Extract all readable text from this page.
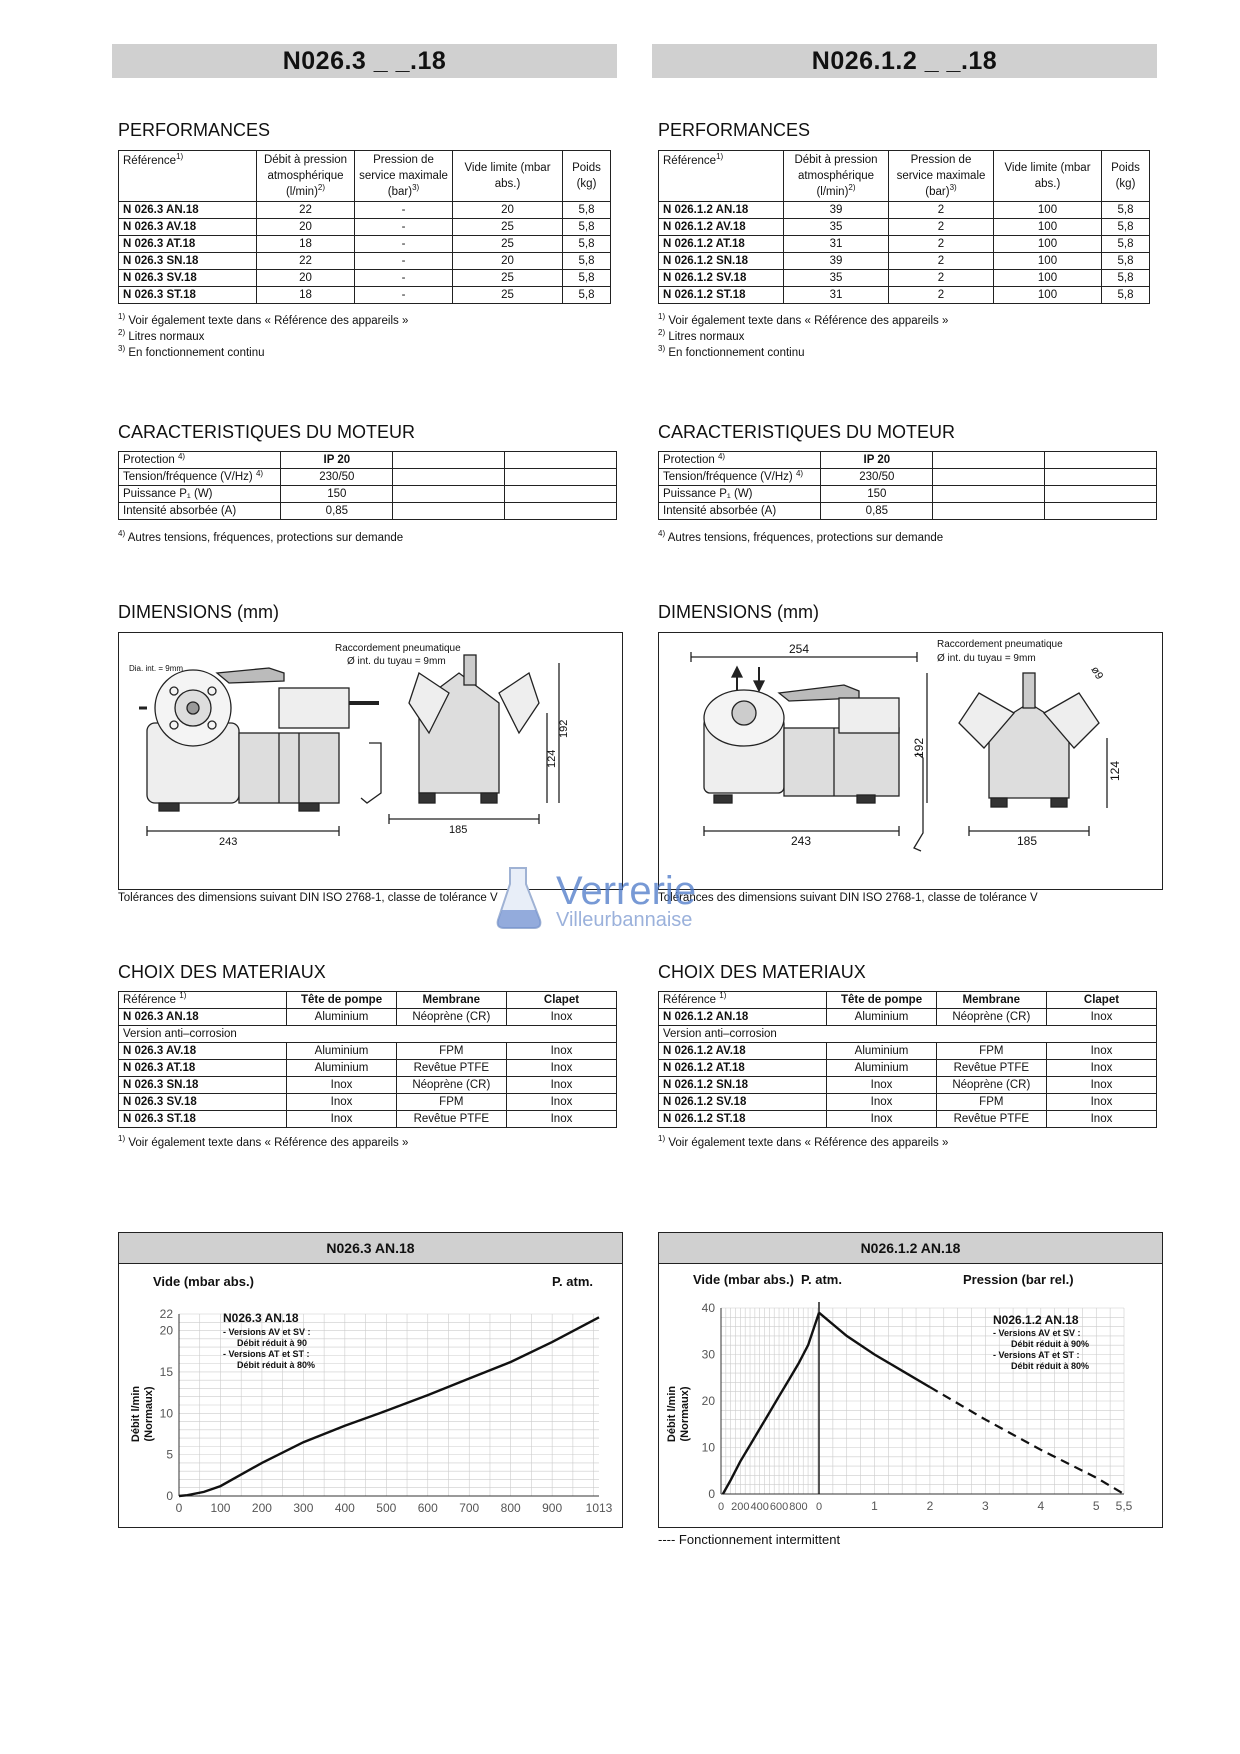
N026.3 _ _.18
PERFORMANCES
Référence$^{1)}$	Débit à pression atmosphérique $(l/\min)^{2)}$	Pression de service maximale (bar)$^{3)}$	Vide limite (mbar abs.)	Poids (kg)
N 026.3 AN.18	22	-	20	5,8
N 026.3 AV.18	20	-	25	5,8
N 026.3 AT.18	18	-	25	5,8
N 026.3 SN.18	22	-	20	5,8
N 026.3 SV.18	20	-	25	5,8
N 026.3 ST.18	18	-	25	5,8
$^{1)}$ Voir également texte dans « Référence des appareils »
$^{2)}$ Litres normaux
$^{3)}$ En fonctionnement continu
CARACTERISTIQUES DU MOTEUR
Protection $^{4)}$	IP 20		
Tension/fréquence (V/Hz) $^{4)}$	230/50		
Puissance P₁ (W)	150		
Intensité absorbée (A)	0,85		
$^{4)}$ Autres tensions, fréquences, protections sur demande
DIMENSIONS (mm)
243
185
192
124
Raccordement pneumatique
Ø int. du tuyau = 9mm
Dia. int. = 9mm
Tolérances des dimensions suivant DIN ISO 2768-1, classe de tolérance V
CHOIX DES MATERIAUX
Référence $^{1)}$	Tête de pompe	Membrane	Clapet
N 026.3 AN.18	Aluminium	Néoprène (CR)	Inox
Version anti–corrosion			
N 026.3 AV.18	Aluminium	FPM	Inox
N 026.3 AT.18	Aluminium	Revêtue PTFE	Inox
N 026.3 SN.18	Inox	Néoprène (CR)	Inox
N 026.3 SV.18	Inox	FPM	Inox
N 026.3 ST.18	Inox	Revêtue PTFE	Inox
$^{1)}$ Voir également texte dans « Référence des appareils »
N026.3 AN.18
0 100 200 300 400 500 600 700 800 900 1013
0
5
10
15
20
22
Vide (mbar abs.)	P. atm.
Débit l/min(Normaux)
N026.3 AN.18
- Versions AV et SV :
Débit réduit à 90
- Versions AT et ST :
Débit réduit à 80%
N026.1.2 _ _.18
PERFORMANCES
Référence$^{1)}$	Débit à pression atmosphérique $(l/\min)^{2)}$	Pression de service maximale (bar)$^{3)}$	Vide limite (mbar abs.)	Poids (kg)
N 026.1.2 AN.18	39	2	100	5,8
N 026.1.2 AV.18	35	2	100	5,8
N 026.1.2 AT.18	31	2	100	5,8
N 026.1.2 SN.18	39	2	100	5,8
N 026.1.2 SV.18	35	2	100	5,8
N 026.1.2 ST.18	31	2	100	5,8
$^{1)}$ Voir également texte dans « Référence des appareils »
$^{2)}$ Litres normaux
$^{3)}$ En fonctionnement continu
CARACTERISTIQUES DU MOTEUR
Protection $^{4)}$	IP 20		
Tension/fréquence (V/Hz) $^{4)}$	230/50		
Puissance P₁ (W)	150		
Intensité absorbée (A)	0,85		
$^{4)}$ Autres tensions, fréquences, protections sur demande
DIMENSIONS (mm)
254
243
192
185
124
ø9
Raccordement pneumatique
Ø int. du tuyau = 9mm
Tolérances des dimensions suivant DIN ISO 2768-1, classe de tolérance V
CHOIX DES MATERIAUX
Référence $^{1)}$	Tête de pompe	Membrane	Clapet
N 026.1.2 AN.18	Aluminium	Néoprène (CR)	Inox
Version anti–corrosion			
N 026.1.2 AV.18	Aluminium	FPM	Inox
N 026.1.2 AT.18	Aluminium	Revêtue PTFE	Inox
N 026.1.2 SN.18	Inox	Néoprène (CR)	Inox
N 026.1.2 SV.18	Inox	FPM	Inox
N 026.1.2 ST.18	Inox	Revêtue PTFE	Inox
$^{1)}$ Voir également texte dans « Référence des appareils »
N026.1.2 AN.18
0 200 400 600 800 0	1	2	3	4	5 5,5
0
10
20
30
40
Vide (mbar abs.) P. atm.	Pression (bar rel.)
Débit l/min(Normaux)
N026.1.2 AN.18
- Versions AV et SV :
Débit réduit à 90%
- Versions AT et ST :
Débit réduit à 80%
---- Fonctionnement intermittent
Verrerie
Villeurbannaise
